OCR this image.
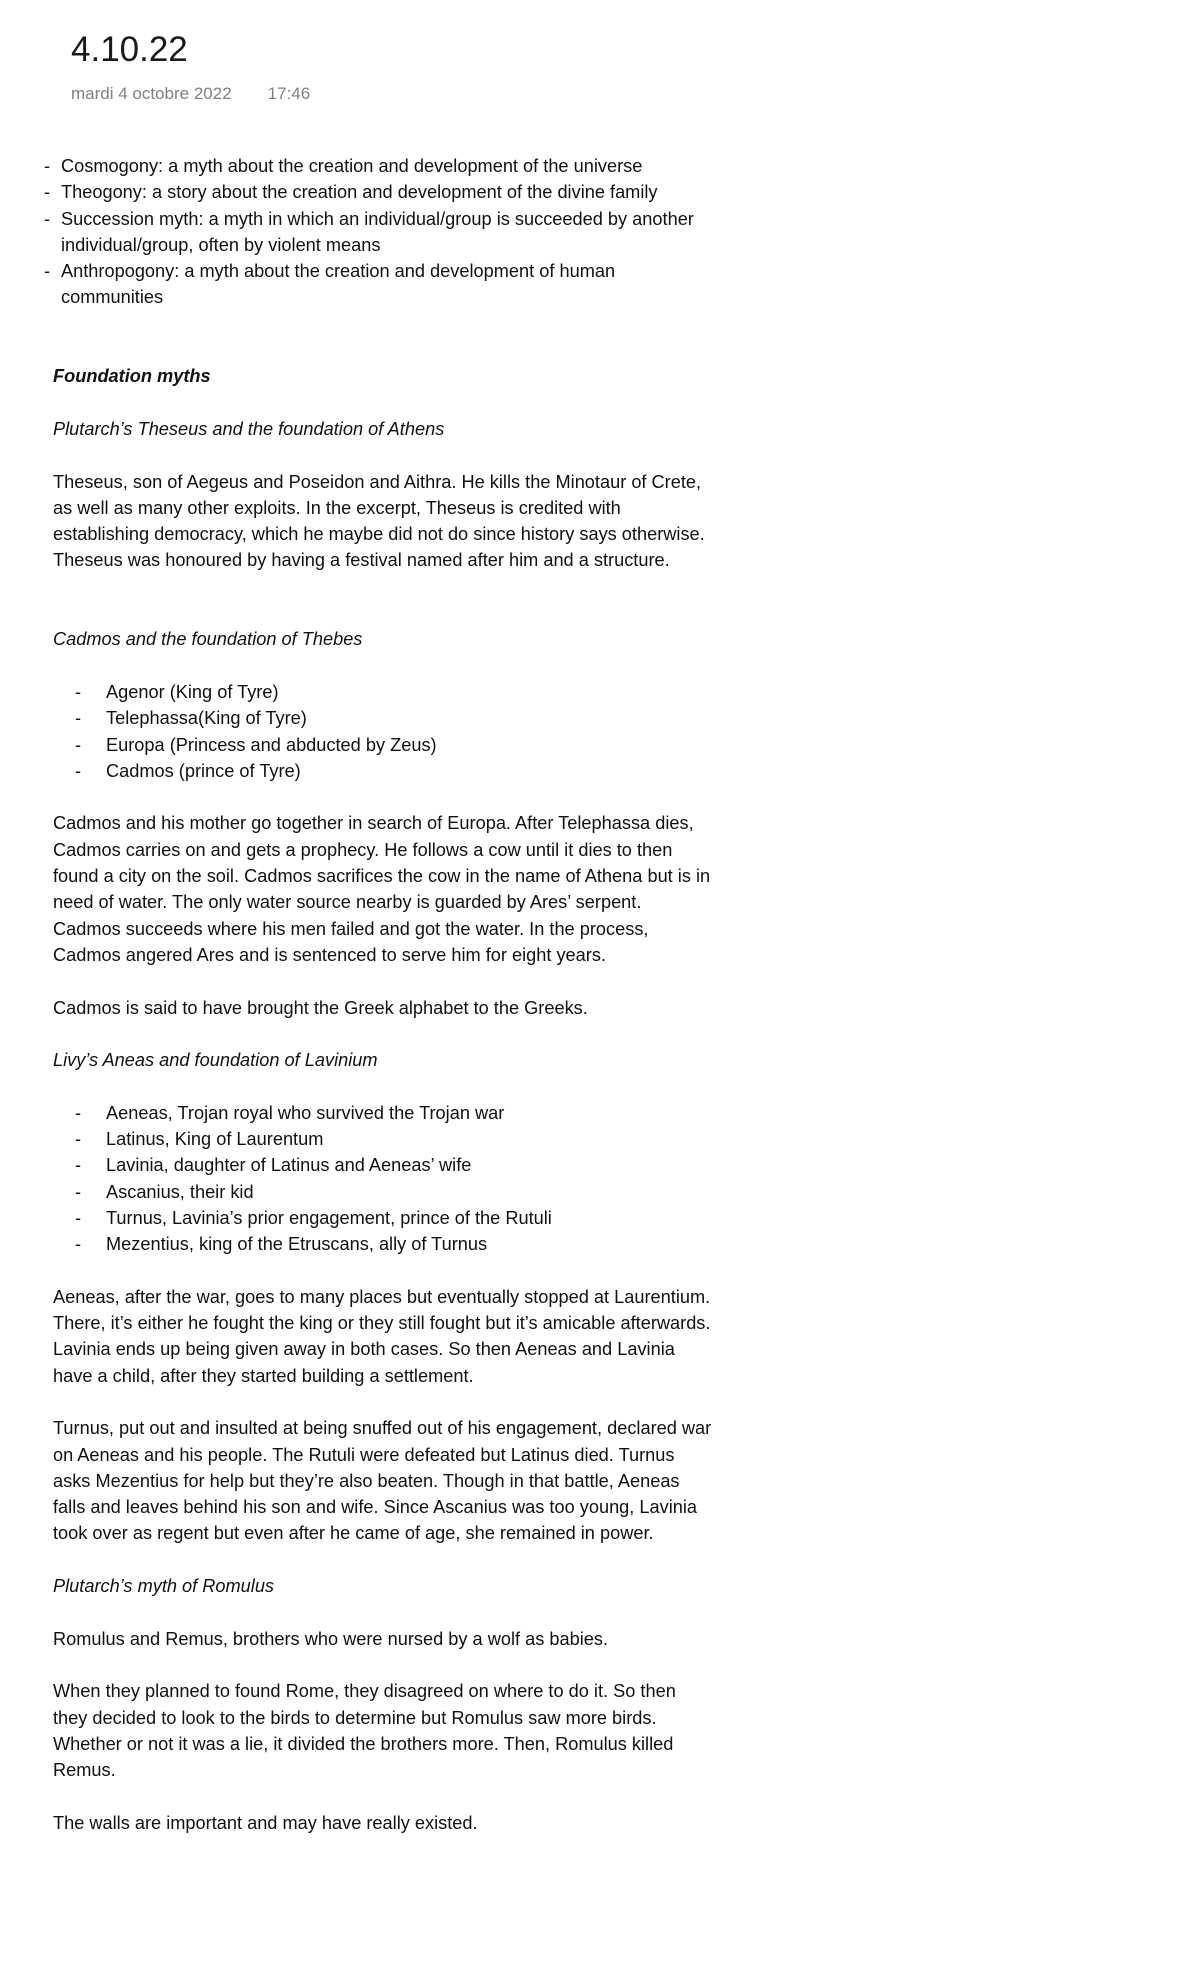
4.10.22
mardi 4 octobre 2022 17:46
- Cosmogony: a myth about the creation and development of the universe
- Theogony: a story about the creation and development of the divine family
- Succession myth: a myth in which an individual/group is succeeded by another individual/group, often by violent means
- Anthropogony: a myth about the creation and development of human communities

Foundation myths

Plutarch’s Theseus and the foundation of Athens

Theseus, son of Aegeus and Poseidon and Aithra. He kills the Minotaur of Crete, as well as many other exploits. In the excerpt, Theseus is credited with establishing democracy, which he maybe did not do since history says otherwise. Theseus was honoured by having a festival named after him and a structure.

Cadmos and the foundation of Thebes

- Agenor (King of Tyre)
- Telephassa(King of Tyre)
- Europa (Princess and abducted by Zeus)
- Cadmos (prince of Tyre)

Cadmos and his mother go together in search of Europa. After Telephassa dies, Cadmos carries on and gets a prophecy. He follows a cow until it dies to then found a city on the soil. Cadmos sacrifices the cow in the name of Athena but is in need of water. The only water source nearby is guarded by Ares’ serpent. Cadmos succeeds where his men failed and got the water. In the process, Cadmos angered Ares and is sentenced to serve him for eight years.

Cadmos is said to have brought the Greek alphabet to the Greeks.

Livy’s Aneas and foundation of Lavinium

- Aeneas, Trojan royal who survived the Trojan war
- Latinus, King of Laurentum
- Lavinia, daughter of Latinus and Aeneas’ wife
- Ascanius, their kid
- Turnus, Lavinia’s prior engagement, prince of the Rutuli
- Mezentius, king of the Etruscans, ally of Turnus

Aeneas, after the war, goes to many places but eventually stopped at Laurentium. There, it’s either he fought the king or they still fought but it’s amicable afterwards. Lavinia ends up being given away in both cases. So then Aeneas and Lavinia have a child, after they started building a settlement.

Turnus, put out and insulted at being snuffed out of his engagement, declared war on Aeneas and his people. The Rutuli were defeated but Latinus died. Turnus asks Mezentius for help but they’re also beaten. Though in that battle, Aeneas falls and leaves behind his son and wife. Since Ascanius was too young, Lavinia took over as regent but even after he came of age, she remained in power.

Plutarch’s myth of Romulus

Romulus and Remus, brothers who were nursed by a wolf as babies.

When they planned to found Rome, they disagreed on where to do it. So then they decided to look to the birds to determine but Romulus saw more birds. Whether or not it was a lie, it divided the brothers more. Then, Romulus killed Remus.

The walls are important and may have really existed.
